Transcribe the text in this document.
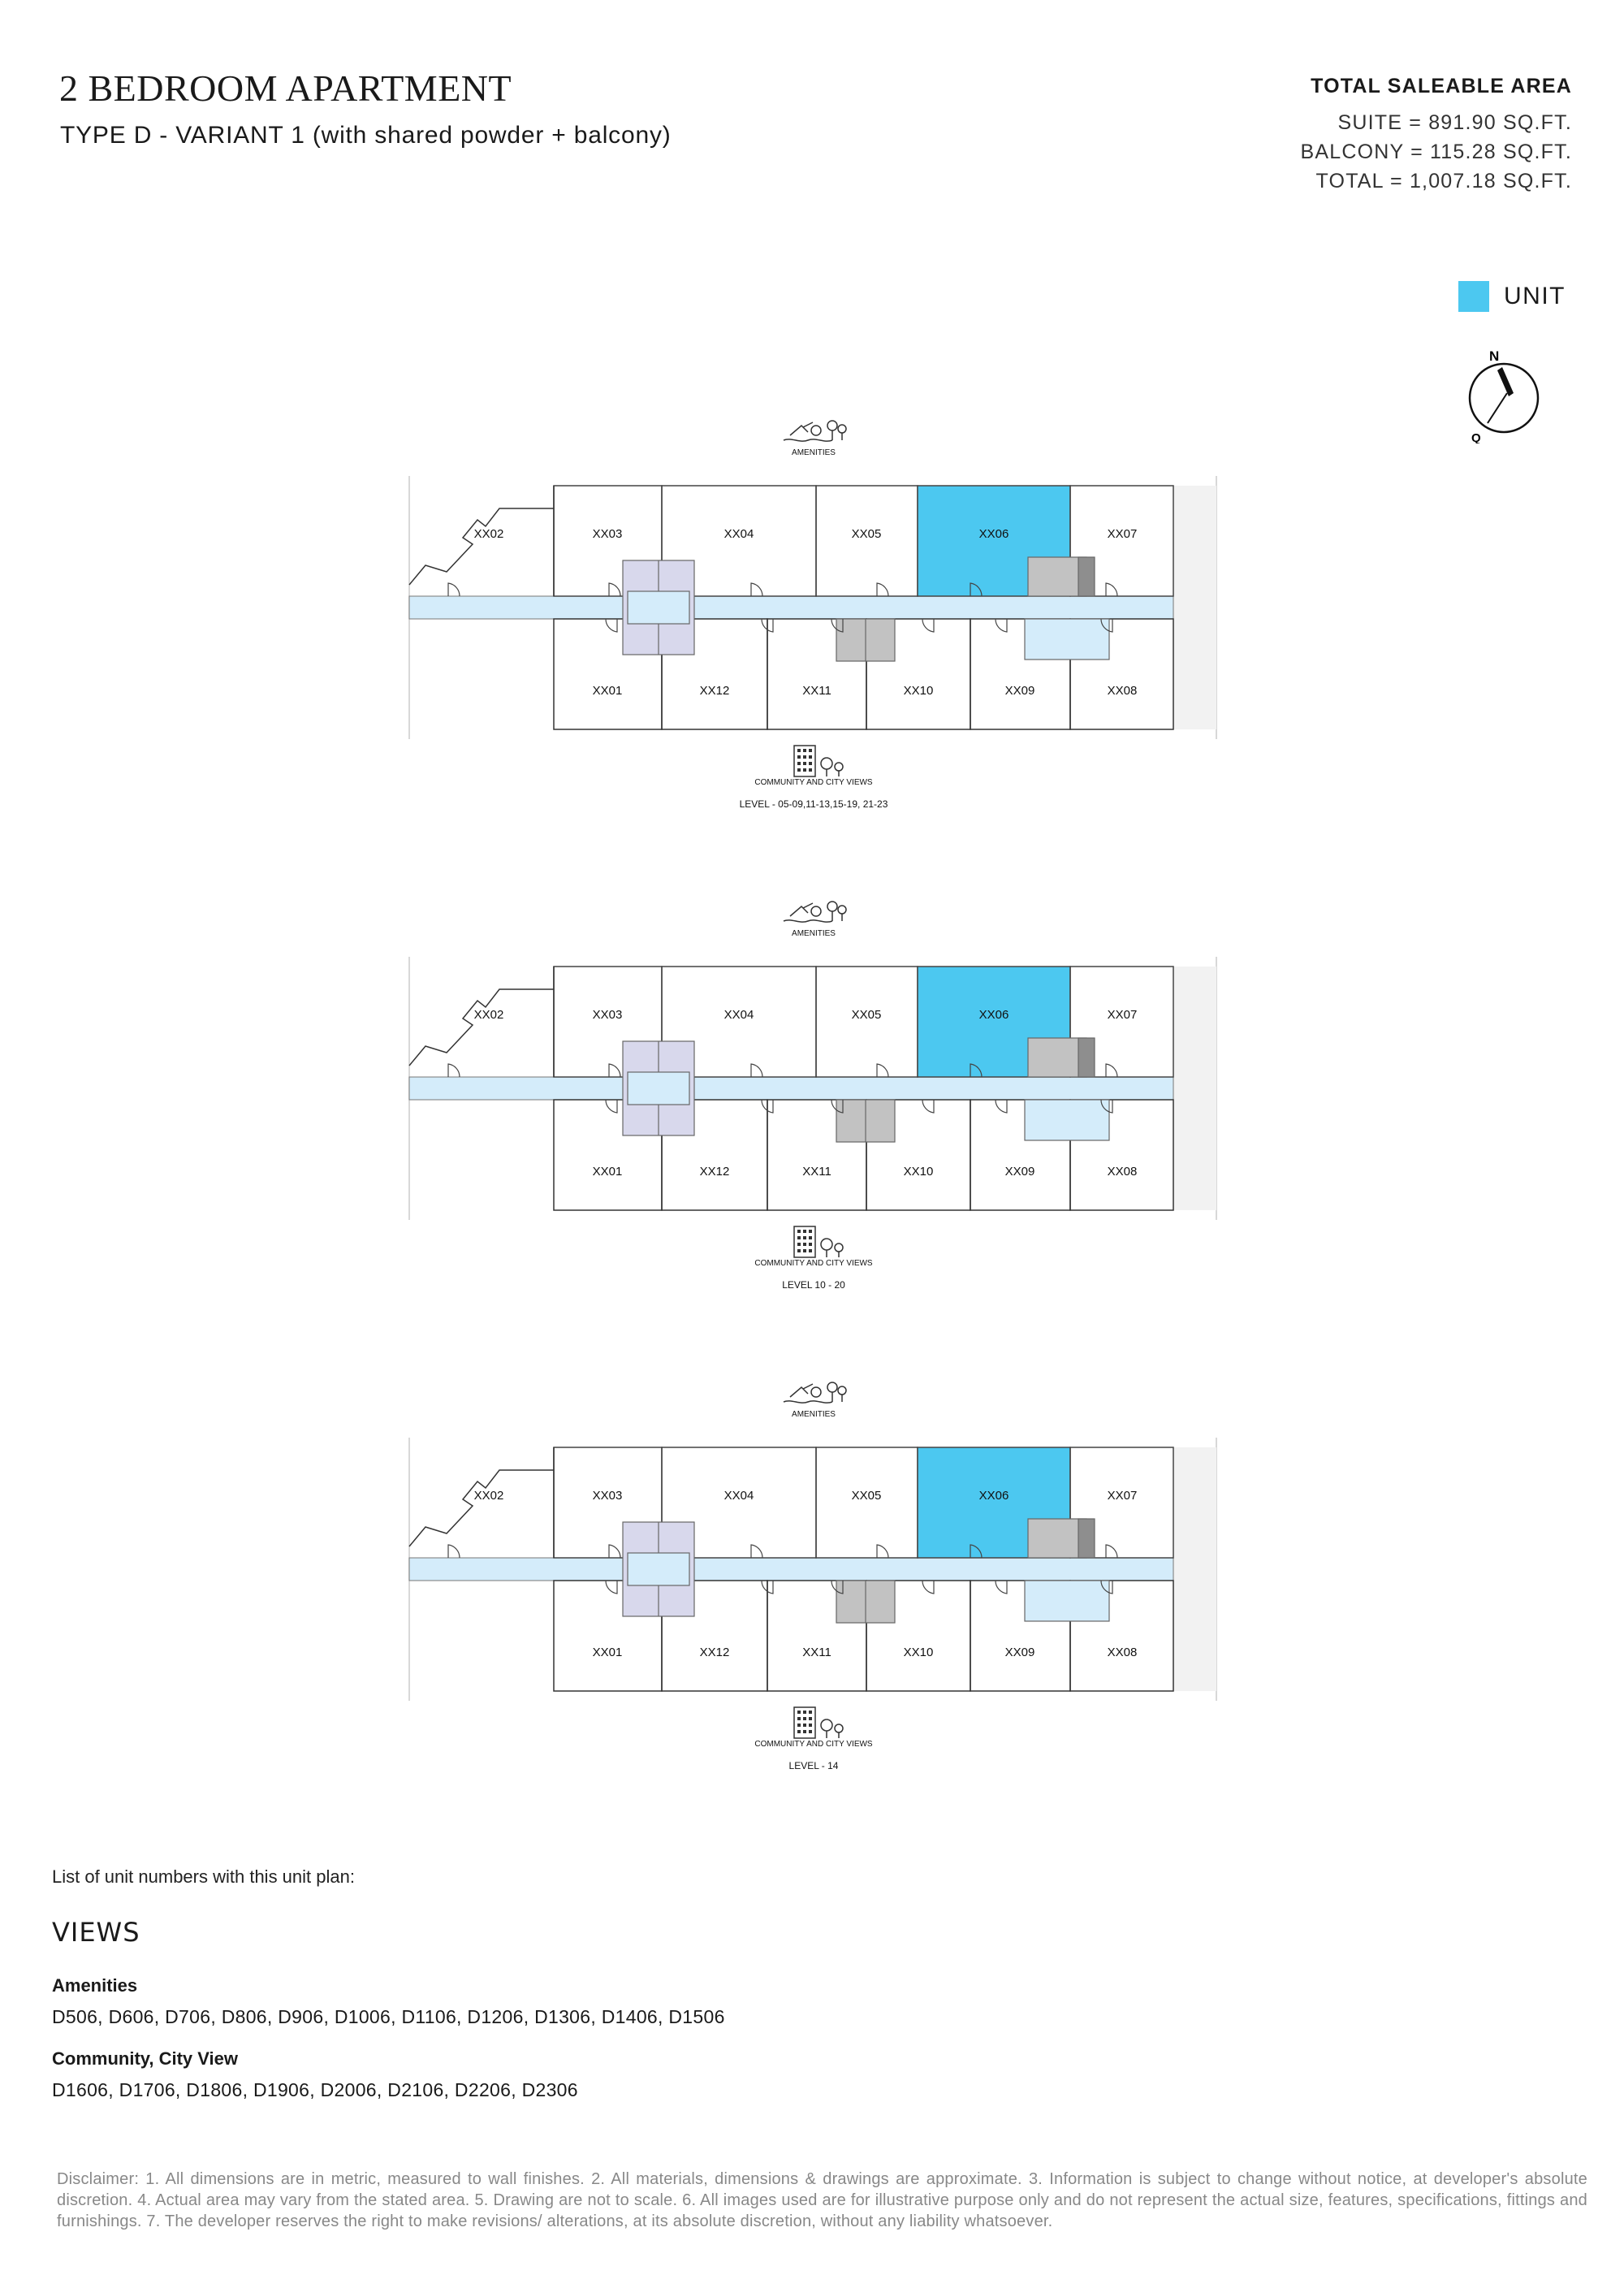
2 BEDROOM APARTMENT
TYPE D - VARIANT 1 (with shared powder + balcony)
TOTAL SALEABLE AREA
SUITE = 891.90 SQ.FT.
BALCONY = 115.28 SQ.FT.
TOTAL = 1,007.18 SQ.FT.
UNIT
N
Q
AMENITIES
XX02	XX03	XX04	XX05	XX06	XX07
XX01	XX12	XX11	XX10	XX09	XX08
COMMUNITY AND CITY VIEWS
LEVEL - 05-09,11-13,15-19, 21-23
AMENITIES
XX02	XX03	XX04	XX05	XX06	XX07
XX01	XX12	XX11	XX10	XX09	XX08
COMMUNITY AND CITY VIEWS
LEVEL 10 - 20
AMENITIES
XX02	XX03	XX04	XX05	XX06	XX07
XX01	XX12	XX11	XX10	XX09	XX08
COMMUNITY AND CITY VIEWS
LEVEL - 14
List of unit numbers with this unit plan:
VIEWS
Amenities
D506, D606, D706, D806, D906, D1006, D1106, D1206, D1306, D1406, D1506
Community, City View
D1606, D1706, D1806, D1906, D2006, D2106, D2206, D2306
Disclaimer: 1. All dimensions are in metric, measured to wall finishes. 2. All materials, dimensions & drawings are approximate. 3. Information is subject to change without notice, at developer's absolute discretion. 4. Actual area may vary from the stated area. 5. Drawing are not to scale. 6. All images used are for illustrative purpose only and do not represent the actual size, features, specifications, fittings and furnishings. 7. The developer reserves the right to make revisions/ alterations, at its absolute discretion, without any liability whatsoever.
